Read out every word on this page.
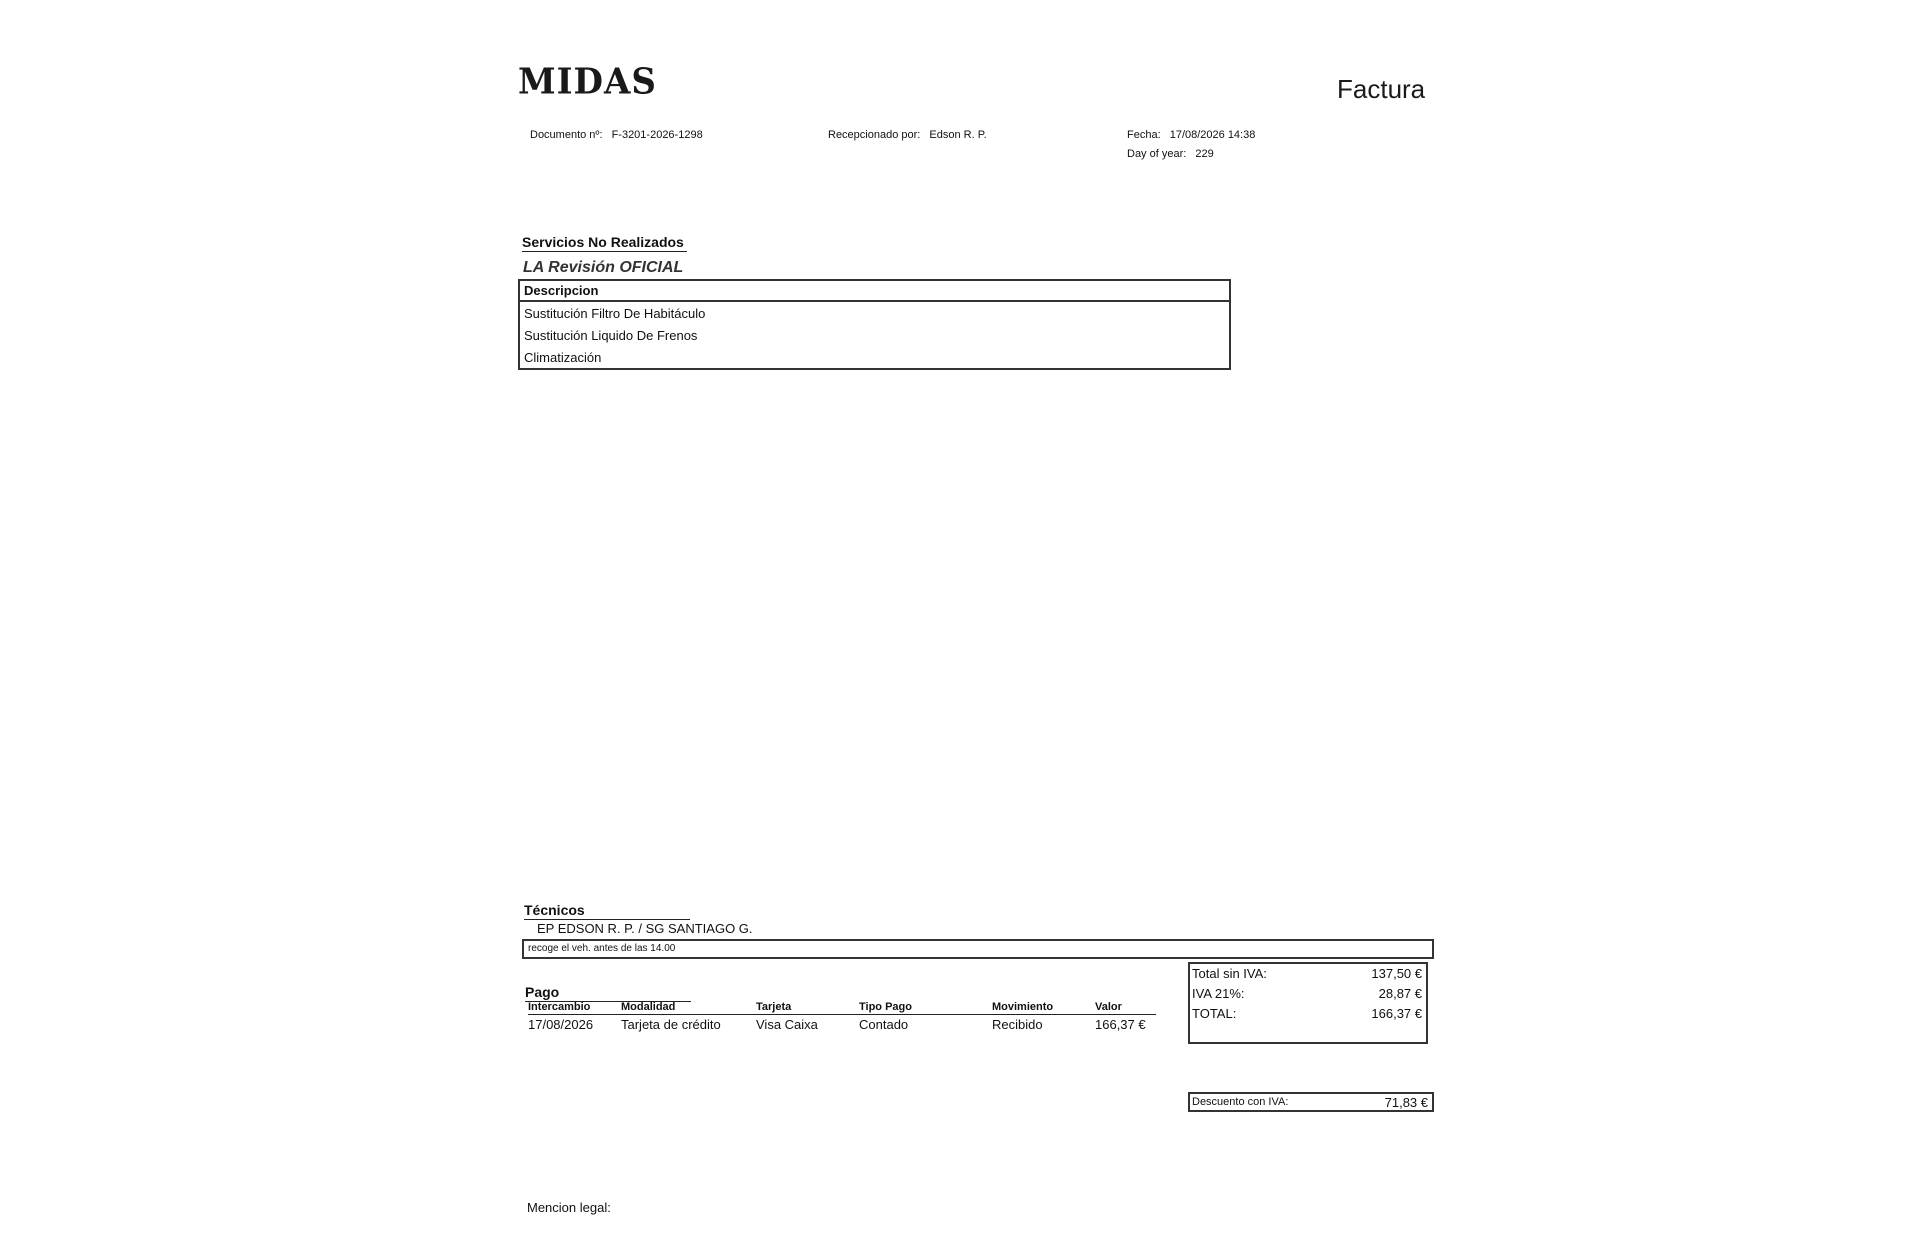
MIDAS	Factura
Documento nº: F-3201-2026-1298	Recepcionado por: Edson R. P.	Fecha: 17/08/2026 14:38
Day of year: 229
Servicios No Realizados
LA Revisión OFICIAL
Descripcion
Sustitución Filtro De Habitáculo
Sustitución Liquido De Frenos
Climatización
Técnicos
EP EDSON R. P. / SG SANTIAGO G.
recoge el veh. antes de las 14.00
Pago
Intercambio	Modalidad	Tarjeta	Tipo Pago	Movimiento	Valor
17/08/2026	Tarjeta de crédito	Visa Caixa	Contado	Recibido	166,37 €
Total sin IVA:	137,50 €
IVA 21%:	28,87 €
TOTAL:	166,37 €
Descuento con IVA:	71,83 €
Mencion legal:
